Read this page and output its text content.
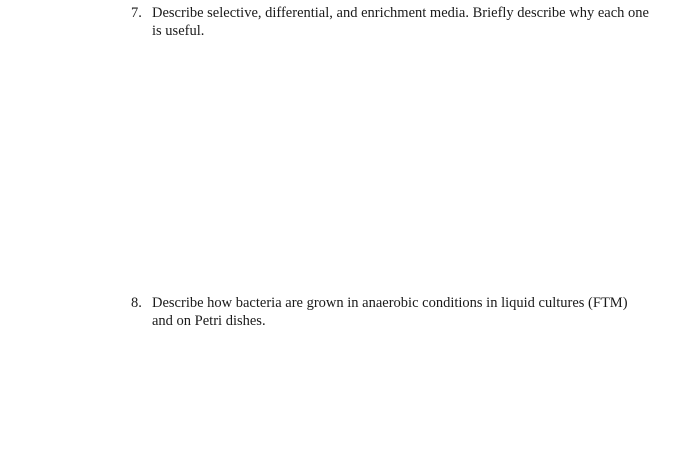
7. Describe selective, differential, and enrichment media. Briefly describe why each one is useful.
8. Describe how bacteria are grown in anaerobic conditions in liquid cultures (FTM) and on Petri dishes.
